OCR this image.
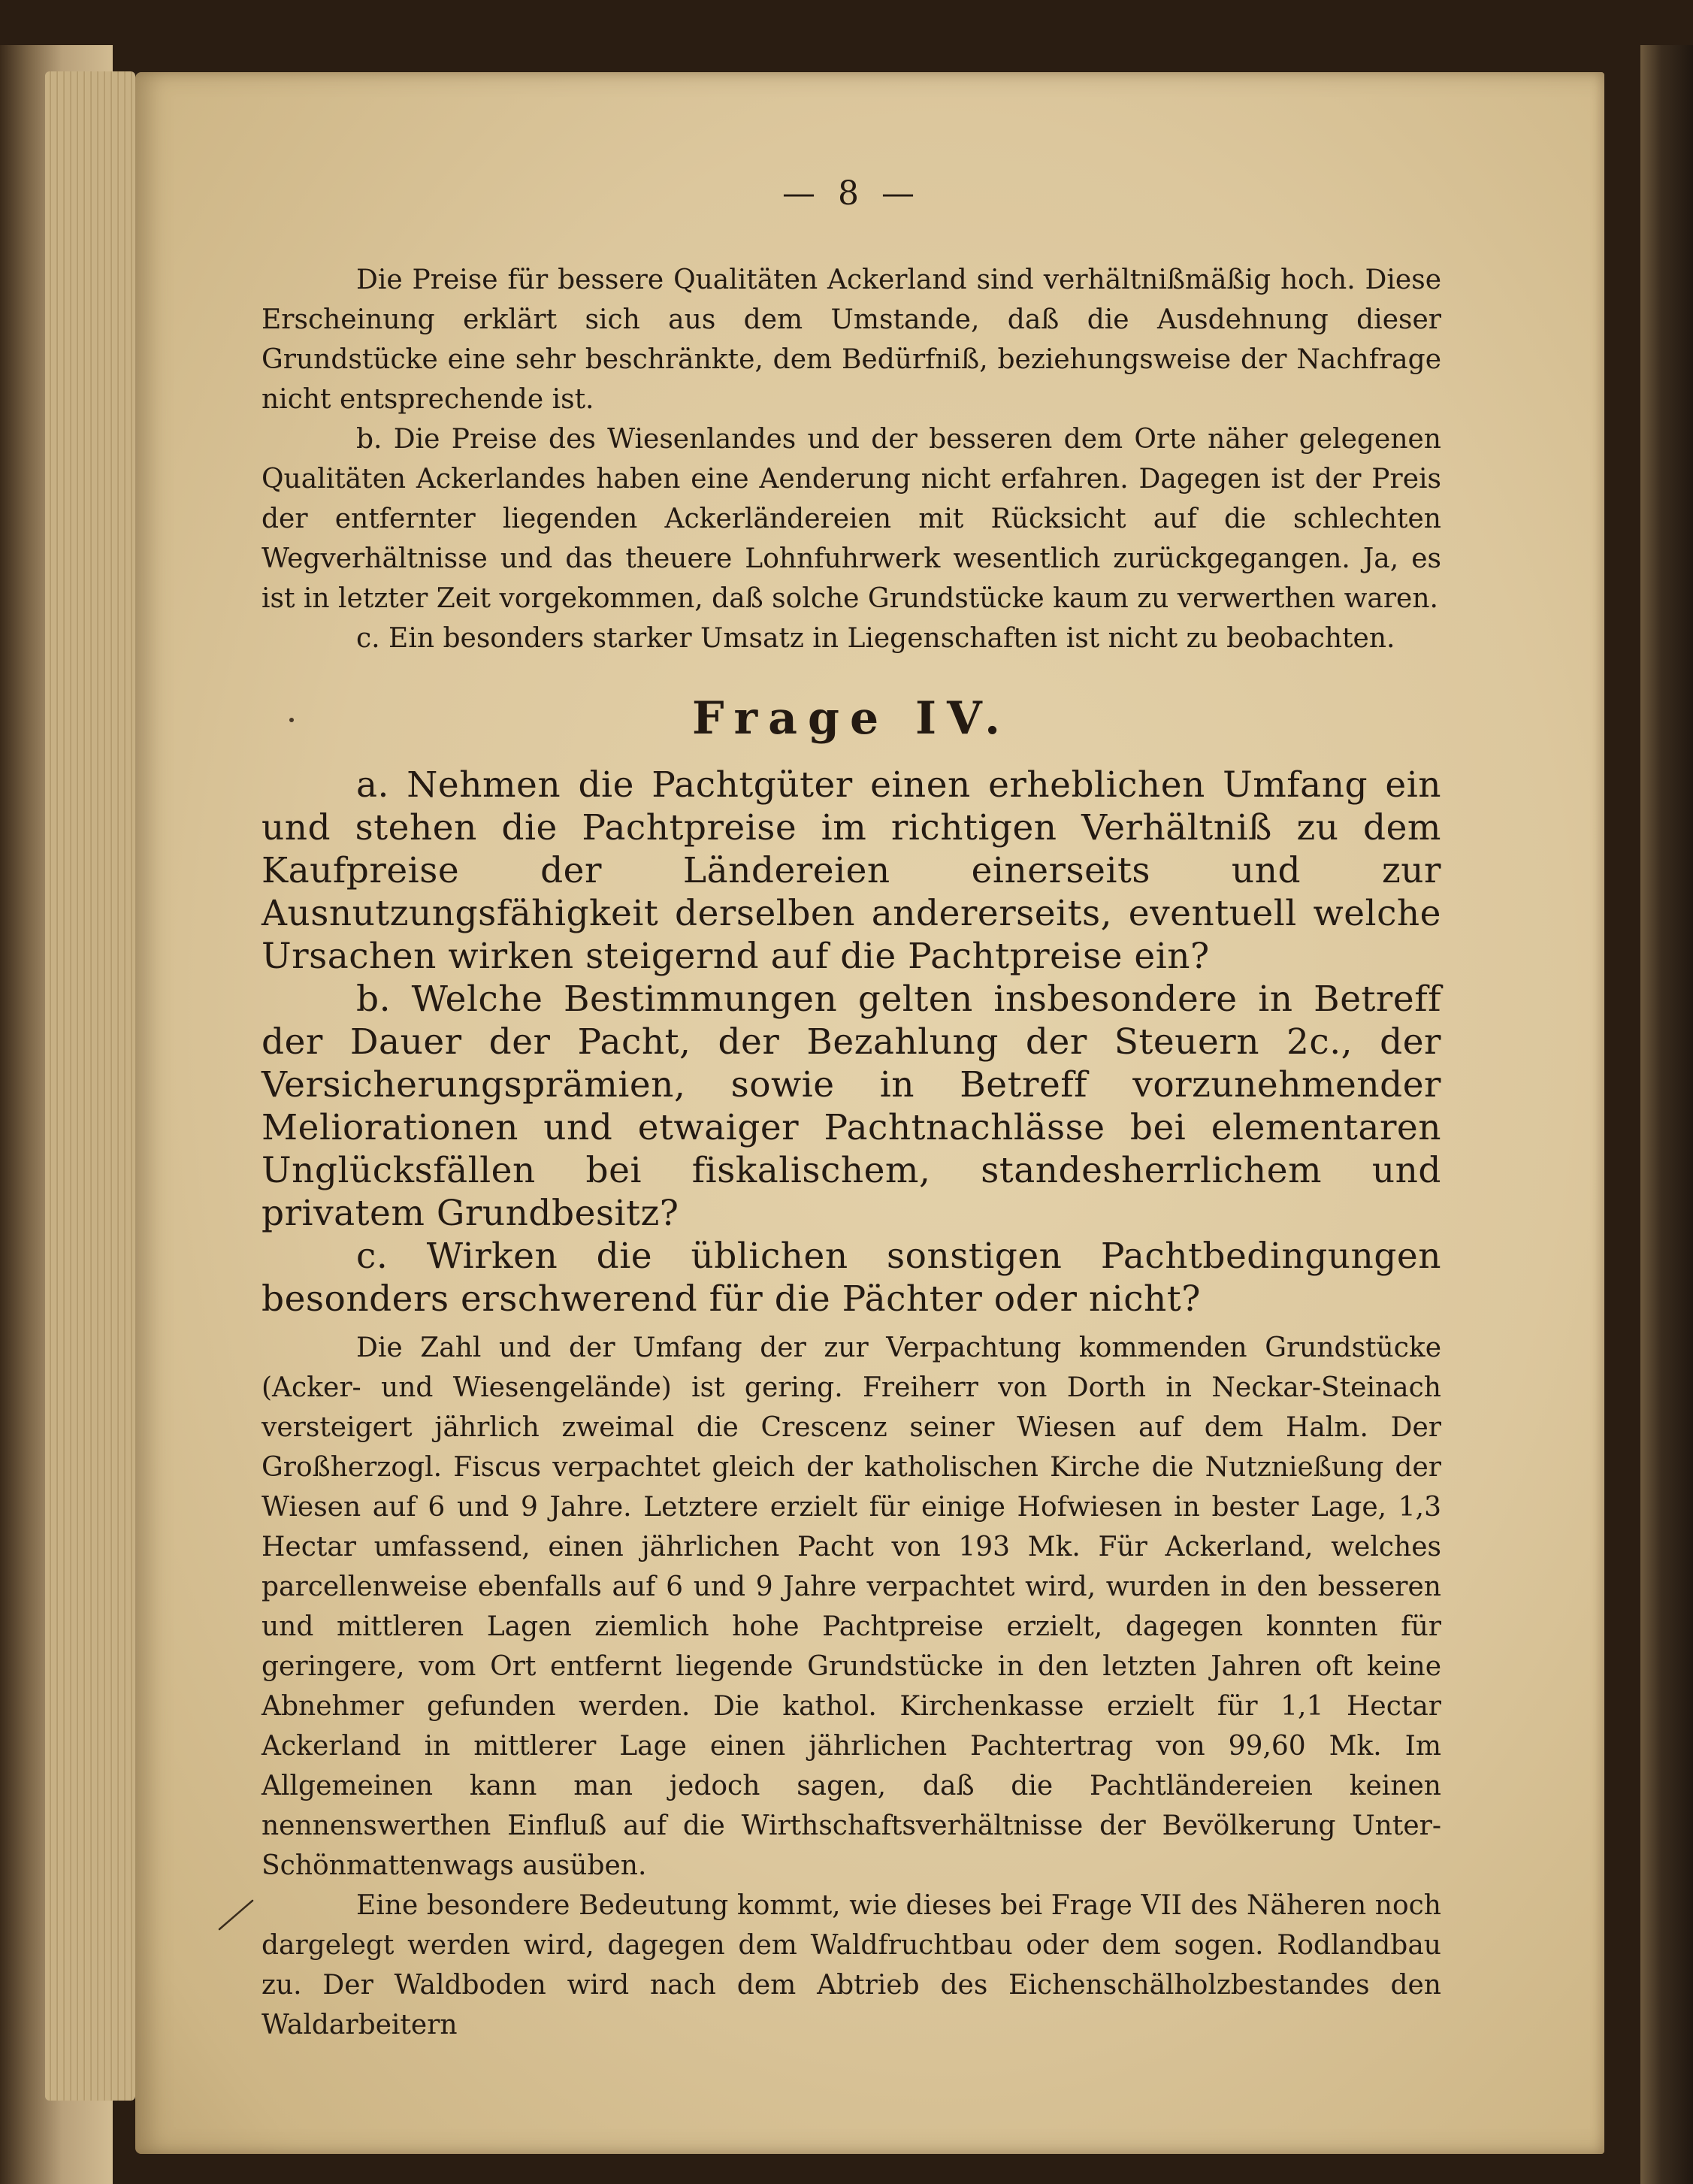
— 8 —

Die Preise für bessere Qualitäten Ackerland sind verhältnißmäßig hoch. Diese Erscheinung erklärt sich aus dem Umstande, daß die Ausdehnung dieser Grundstücke eine sehr beschränkte, dem Bedürfniß, beziehungsweise der Nachfrage nicht entsprechende ist.

b. Die Preise des Wiesenlandes und der besseren dem Orte näher gelegenen Qualitäten Ackerlandes haben eine Aenderung nicht erfahren. Dagegen ist der Preis der entfernter liegenden Ackerländereien mit Rücksicht auf die schlechten Wegverhältnisse und das theuere Lohnfuhrwerk wesentlich zurückgegangen. Ja, es ist in letzter Zeit vorgekommen, daß solche Grundstücke kaum zu verwerthen waren.

c. Ein besonders starker Umsatz in Liegenschaften ist nicht zu beobachten.

Frage IV.

a. Nehmen die Pachtgüter einen erheblichen Umfang ein und stehen die Pachtpreise im richtigen Verhältniß zu dem Kaufpreise der Ländereien einerseits und zur Ausnutzungsfähigkeit derselben andererseits, eventuell welche Ursachen wirken steigernd auf die Pachtpreise ein?

b. Welche Bestimmungen gelten insbesondere in Betreff der Dauer der Pacht, der Bezahlung der Steuern 2c., der Versicherungsprämien, sowie in Betreff vorzunehmender Meliorationen und etwaiger Pachtnachlässe bei elementaren Unglücksfällen bei fiskalischem, standesherrlichem und privatem Grundbesitz?

c. Wirken die üblichen sonstigen Pachtbedingungen besonders erschwerend für die Pächter oder nicht?

Die Zahl und der Umfang der zur Verpachtung kommenden Grundstücke (Acker- und Wiesengelände) ist gering. Freiherr von Dorth in Neckar-Steinach versteigert jährlich zweimal die Crescenz seiner Wiesen auf dem Halm. Der Großherzogl. Fiscus verpachtet gleich der katholischen Kirche die Nutznießung der Wiesen auf 6 und 9 Jahre. Letztere erzielt für einige Hofwiesen in bester Lage, 1,3 Hectar umfassend, einen jährlichen Pacht von 193 Mk. Für Ackerland, welches parcellenweise ebenfalls auf 6 und 9 Jahre verpachtet wird, wurden in den besseren und mittleren Lagen ziemlich hohe Pachtpreise erzielt, dagegen konnten für geringere, vom Ort entfernt liegende Grundstücke in den letzten Jahren oft keine Abnehmer gefunden werden. Die kathol. Kirchenkasse erzielt für 1,1 Hectar Ackerland in mittlerer Lage einen jährlichen Pachtertrag von 99,60 Mk. Im Allgemeinen kann man jedoch sagen, daß die Pachtländereien keinen nennenswerthen Einfluß auf die Wirthschaftsverhältnisse der Bevölkerung Unter-Schönmattenwags ausüben.

Eine besondere Bedeutung kommt, wie dieses bei Frage VII des Näheren noch dargelegt werden wird, dagegen dem Waldfruchtbau oder dem sogen. Rodlandbau zu. Der Waldboden wird nach dem Abtrieb des Eichenschälholzbestandes den Waldarbeitern
